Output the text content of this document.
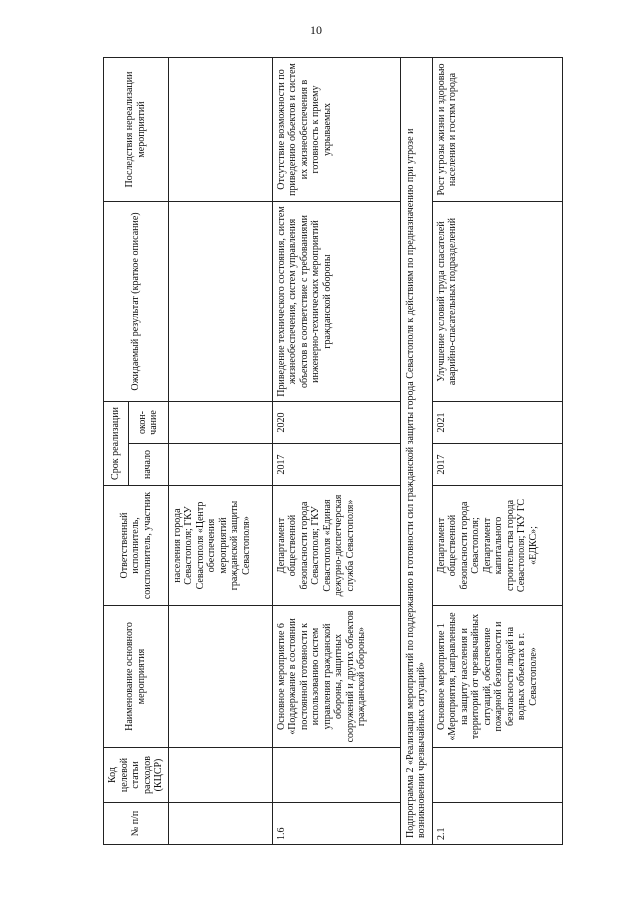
10
№ п/п	Код целевой статьи расходов (КЦСР)	Наименование основного мероприятия	Ответственный исполнитель, соисполнитель, участник	Срок реализации		Ожидаемый результат (краткое описание)	Последствия нереализации мероприятий
				начало	окон-чание		
			населения города Севастополя; ГКУ Севастополя «Центр обеспечения мероприятий гражданской защиты Севастополя»				
1.6		Основное мероприятие 6 «Поддержание в состоянии постоянной готовности к использованию систем управления гражданской обороны, защитных сооружений и других объектов гражданской обороны»	Департамент общественной безопасности города Севастополя; ГКУ Севастополя «Единая дежурно-диспетчерская служба Севастополя»	2017	2020	Приведение технического состояния, систем жизнеобеспечения, систем управления объектов в соответствие с требованиями инженерно-технических мероприятий гражданской обороны	Отсутствие возможности по приведению объектов и систем их жизнеобеспечения в готовность к приему укрываемых
Подпрограмма 2 «Реализация мероприятий по поддержанию в готовности сил гражданской защиты города Севастополя к действиям по предназначению при угрозе и возникновении чрезвычайных ситуаций»							
2.1		Основное мероприятие 1 «Мероприятия, направленные на защиту населения и территорий от чрезвычайных ситуаций, обеспечение пожарной безопасности и безопасности людей на водных объектах в г. Севастополе»	Департамент общественной безопасности города Севастополя; Департамент капитального строительства города Севастополя; ГКУ ГС «ЕДКС»;	2017	2021	Улучшение условий труда спасателей аварийно-спасательных подразделений	Рост угрозы жизни и здоровью населения и гостям города
